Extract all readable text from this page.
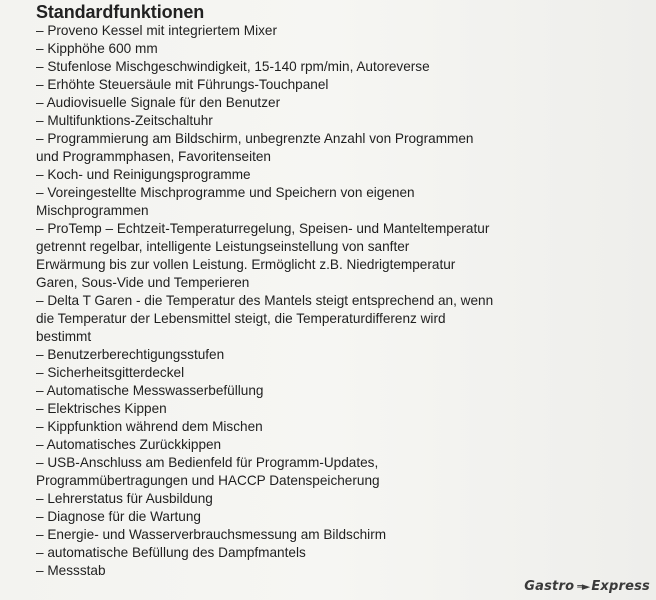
Standardfunktionen
– Proveno Kessel mit integriertem Mixer
– Kipphöhe 600 mm
– Stufenlose Mischgeschwindigkeit, 15-140 rpm/min, Autoreverse
– Erhöhte Steuersäule mit Führungs-Touchpanel
– Audiovisuelle Signale für den Benutzer
– Multifunktions-Zeitschaltuhr
– Programmierung am Bildschirm, unbegrenzte Anzahl von Programmen
und Programmphasen, Favoritenseiten
– Koch- und Reinigungsprogramme
– Voreingestellte Mischprogramme und Speichern von eigenen
Mischprogrammen
– ProTemp – Echtzeit-Temperaturregelung, Speisen- und Manteltemperatur
getrennt regelbar, intelligente Leistungseinstellung von sanfter
Erwärmung bis zur vollen Leistung. Ermöglicht z.B. Niedrigtemperatur
Garen, Sous-Vide und Temperieren
– Delta T Garen - die Temperatur des Mantels steigt entsprechend an, wenn
die Temperatur der Lebensmittel steigt, die Temperaturdifferenz wird
bestimmt
– Benutzerberechtigungsstufen
– Sicherheitsgitterdeckel
– Automatische Messwasserbefüllung
– Elektrisches Kippen
– Kippfunktion während dem Mischen
– Automatisches Zurückkippen
– USB-Anschluss am Bedienfeld für Programm-Updates,
Programmübertragungen und HACCP Datenspeicherung
– Lehrerstatus für Ausbildung
– Diagnose für die Wartung
– Energie- und Wasserverbrauchsmessung am Bildschirm
– automatische Befüllung des Dampfmantels
– Messstab
Gastro ═► Express
